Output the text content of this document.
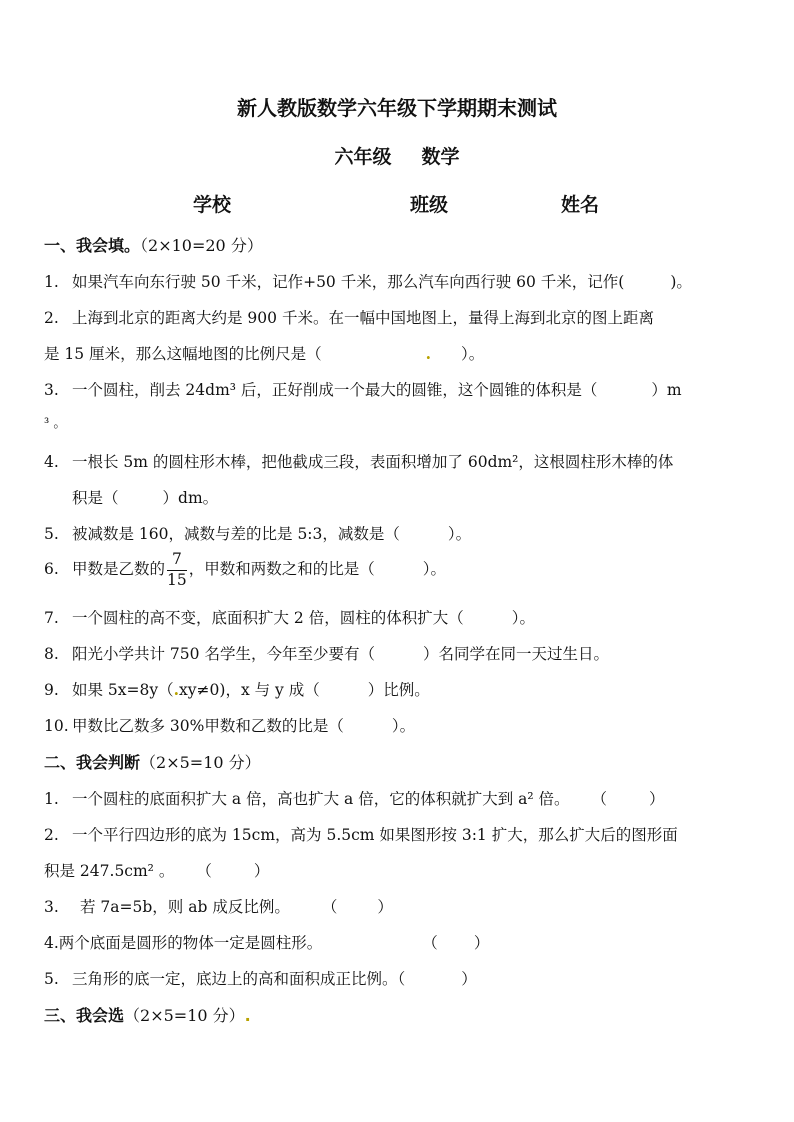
新人教版数学六年级下学期期末测试
六年级 数学
学校	班级	姓名
一、我会填。（2×10=20 分）
1. 如果汽车向东行驶 50 千米，记作+50 千米，那么汽车向西行驶 60 千米，记作(	)。
2. 上海到北京的距离大约是 900 千米。在一幅中国地图上，量得上海到北京的图上距离
是 15 厘米，那么这幅地图的比例尺是（	. ）。
3. 一个圆柱，削去 24dm³ 后，正好削成一个最大的圆锥，这个圆锥的体积是（	）m
³ 。
4. 一根长 5m 的圆柱形木棒，把他截成三段，表面积增加了 60dm²，这根圆柱形木棒的体
积是（	）dm。
5. 被减数是 160，减数与差的比是 5:3，减数是（	）。
6. 甲数是乙数的 $\frac{7}{15}$ ，甲数和两数之和的比是（	）。
7. 一个圆柱的高不变，底面积扩大 2 倍，圆柱的体积扩大（	）。
8. 阳光小学共计 750 名学生，今年至少要有（	）名同学在同一天过生日。
9. 如果 5x=8y（.xy≠0)，x 与 y 成（	）比例。
10. 甲数比乙数多 30%甲数和乙数的比是（	）。
二、我会判断（2×5=10 分）
1. 一个圆柱的底面积扩大 a 倍，高也扩大 a 倍，它的体积就扩大到 a² 倍。 （	）
2. 一个平行四边形的底为 15cm，高为 5.5cm 如果图形按 3:1 扩大，那么扩大后的图形面
积是 247.5cm² 。 （	）
3. 若 7a=5b，则 ab 成反比例。 （	）
4.两个底面是圆形的物体一定是圆柱形。	（ ）
5. 三角形的底一定，底边上的高和面积成正比例。（	）
三、我会选（2×5=10 分）.
